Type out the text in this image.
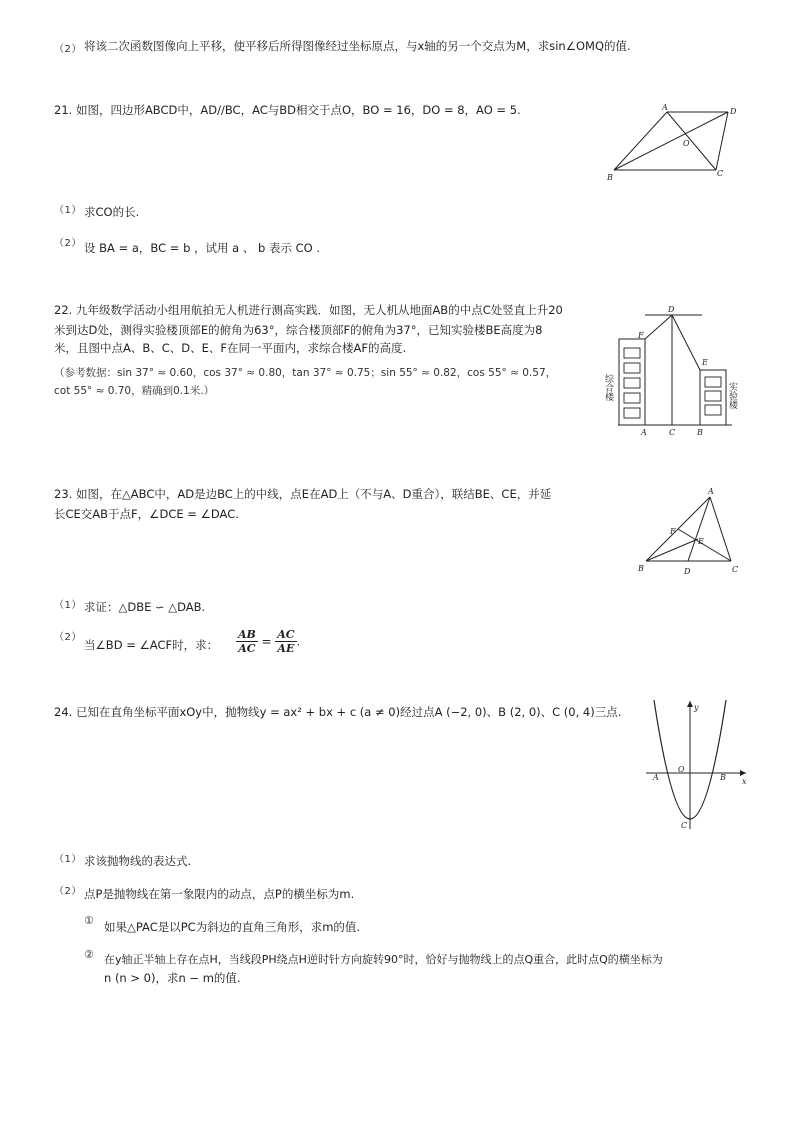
（2） 将该二次函数图像向上平移，使平移后所得图像经过坐标原点，与x轴的另一个交点为M，求sin∠OMQ的值.
21. 如图，四边形ABCD中，AD//BC，AC与BD相交于点O，BO = 16，DO = 8，AO = 5.	A	D
O
B	C
（1） 求CO的长.
（2） 设 BA = a，BC = b ，试用 a 、 b 表示 CO .
22. 九年级数学活动小组用航拍无人机进行测高实践．如图，无人机从地面AB的中点C处竖直上升20
米到达D处，测得实验楼顶部E的俯角为63°，综合楼顶部F的俯角为37°，已知实验楼BE高度为8
米，且图中点A、B、C、D、E、F在同一平面内，求综合楼AF的高度.
（参考数据：sin 37° ≈ 0.60，cos 37° ≈ 0.80，tan 37° ≈ 0.75；sin 55° ≈ 0.82，cos 55° ≈ 0.57，
cot 55° ≈ 0.70，精确到0.1米.）
D
F
E
A	C	B
综合楼	实验楼
23. 如图，在△ABC中，AD是边BC上的中线，点E在AD上（不与A、D重合），联结BE、CE，并延
长CE交AB于点F，∠DCE = ∠DAC.
A
F
E
B	D	C
（1） 求证：△DBE ∽ △DAB.
（2）
当∠BD = ∠ACF时，求： $\frac{AB}{AC} = \frac{AC}{AE}$ .
24. 已知在直角坐标平面xOy中，抛物线y = ax² + bx + c (a ≠ 0)经过点A (−2, 0)、B (2, 0)、C (0, 4)三点.	y
x
O
A	B
C
（1） 求该抛物线的表达式.
（2） 点P是抛物线在第一象限内的动点，点P的横坐标为m.
① 如果△PAC是以PC为斜边的直角三角形，求m的值.
② 在y轴正半轴上存在点H，当线段PH绕点H逆时针方向旋转90°时，恰好与抛物线上的点Q重合，此时点Q的横坐标为
n (n > 0)，求n − m的值.
